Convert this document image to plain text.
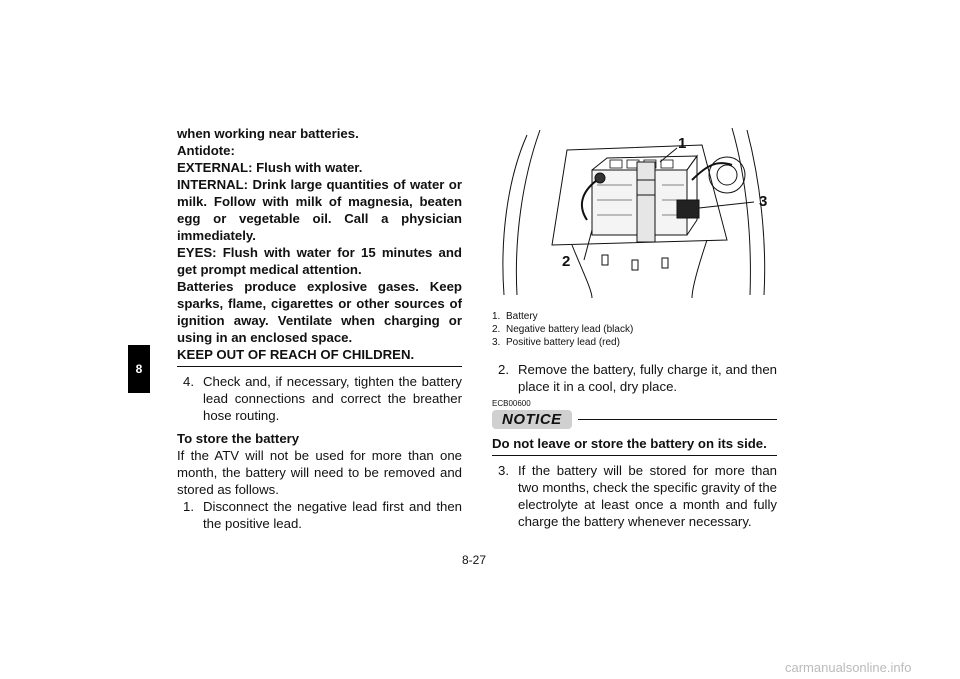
8

when working near batteries.

Antidote:

EXTERNAL: Flush with water.

INTERNAL: Drink large quantities of water or milk. Follow with milk of magnesia, beaten egg or vegetable oil. Call a physician immediately.

EYES: Flush with water for 15 minutes and get prompt medical attention.

Batteries produce explosive gases. Keep sparks, flame, cigarettes or other sources of ignition away. Ventilate when charging or using in an enclosed space.

KEEP OUT OF REACH OF CHILDREN.

4. Check and, if necessary, tighten the battery lead connections and correct the breather hose routing.
To store the battery

If the ATV will not be used for more than one month, the battery will need to be removed and stored as follows.

1. Disconnect the negative lead first and then the positive lead.
1
2
3
1. Battery
2. Negative battery lead (black)
3. Positive battery lead (red)
2. Remove the battery, fully charge it, and then place it in a cool, dry place.
ECB00600
NOTICE
Do not leave or store the battery on its side.
3. If the battery will be stored for more than two months, check the specific gravity of the electrolyte at least once a month and fully charge the battery whenever necessary.
8-27
carmanualsonline.info
